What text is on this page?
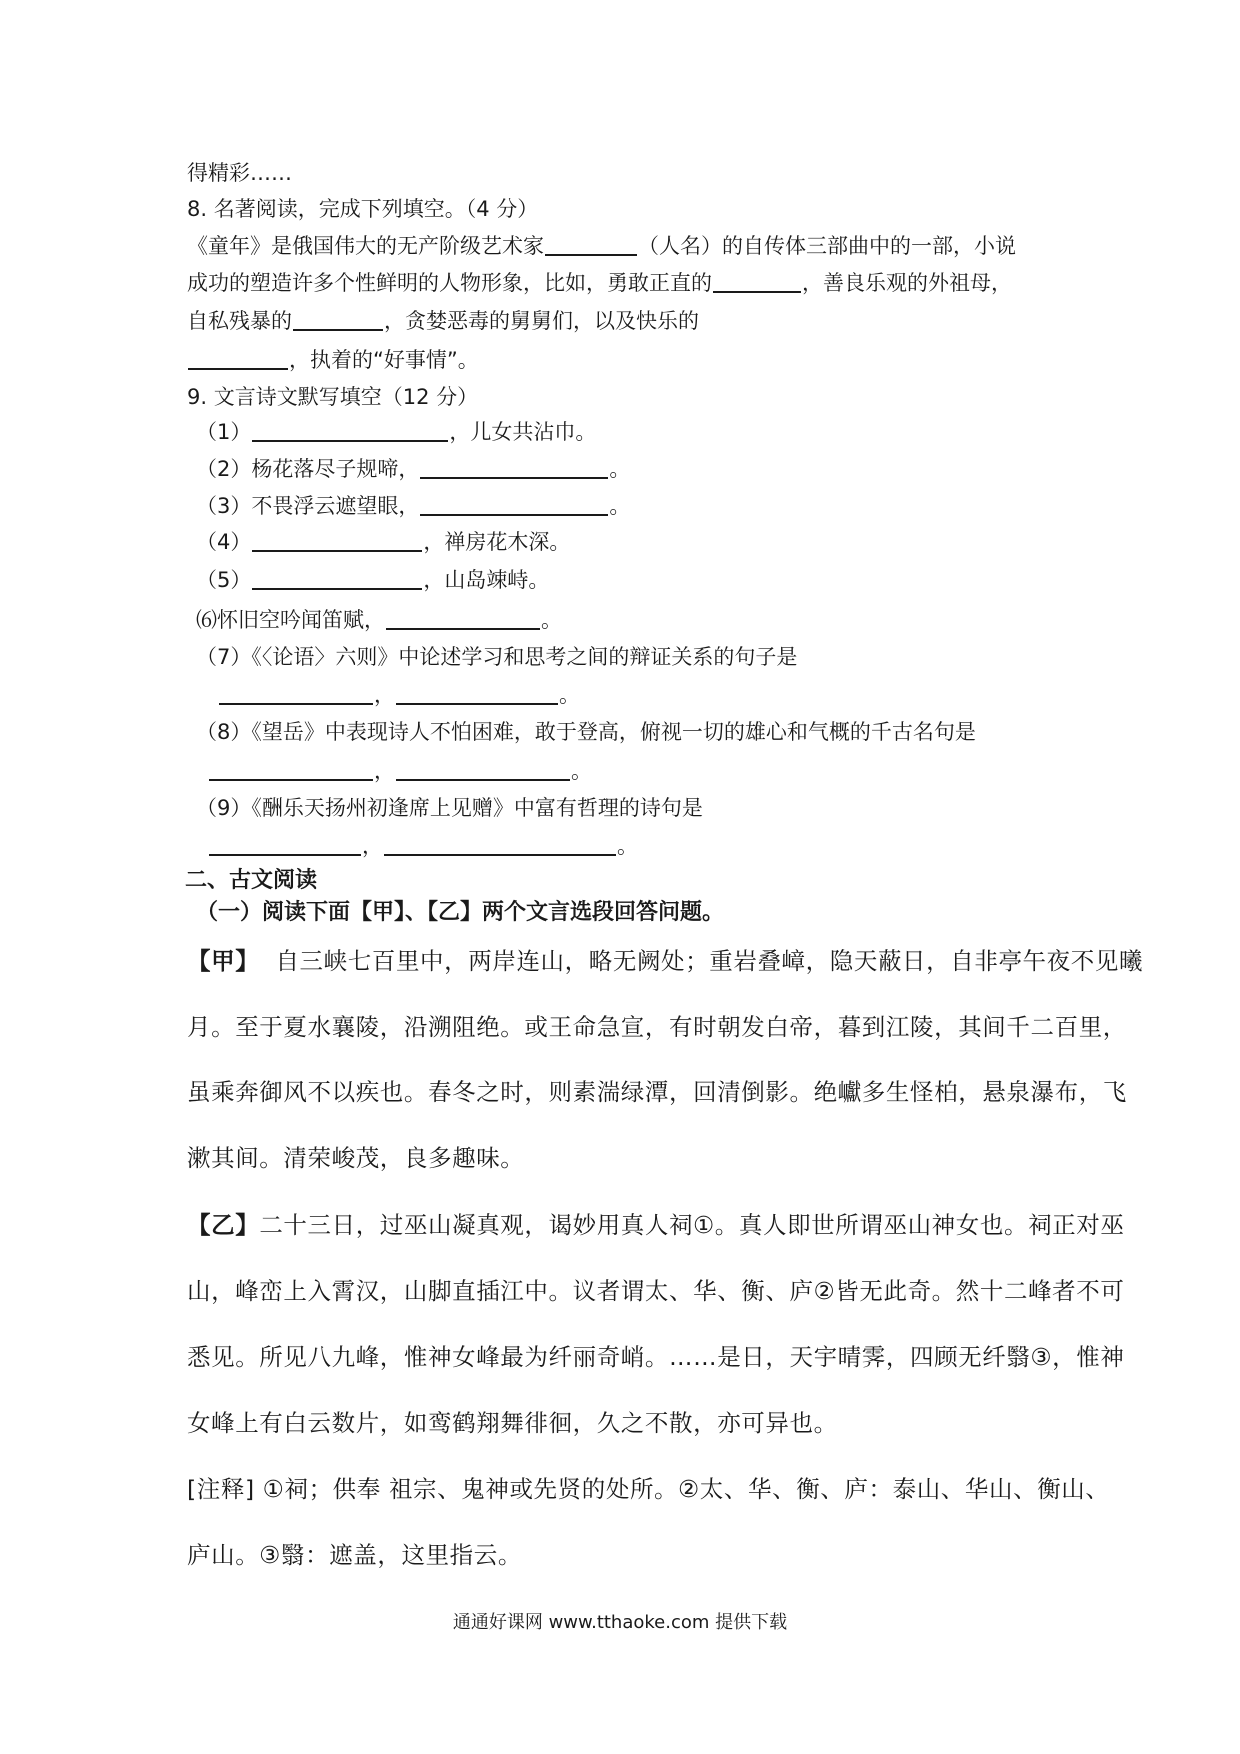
得精彩……
8. 名著阅读，完成下列填空。（4 分）
《童年》是俄国伟大的无产阶级艺术家	（人名）的自传体三部曲中的一部，小说
成功的塑造许多个性鲜明的人物形象，比如，勇敢正直的	，善良乐观的外祖母，
自私残暴的	，贪婪恶毒的舅舅们，以及快乐的
，执着的“好事情”。
9. 文言诗文默写填空（12 分）
（1）	，儿女共沾巾。
（2）杨花落尽子规啼，	。
（3）不畏浮云遮望眼，	。
（4）	，禅房花木深。
（5）	，山岛竦峙。
⑹怀旧空吟闻笛赋，	。
（7）《〈论语〉六则》中论述学习和思考之间的辩证关系的句子是
，	。
（8）《望岳》中表现诗人不怕困难，敢于登高，俯视一切的雄心和气概的千古名句是
，	。
（9）《酬乐天扬州初逢席上见赠》中富有哲理的诗句是
，	。
二、古文阅读
（一）阅读下面【甲】、【乙】两个文言选段回答问题。
【甲】 自三峡七百里中，两岸连山，略无阙处；重岩叠嶂，隐天蔽日，自非亭午夜不见曦
月。至于夏水襄陵，沿溯阻绝。或王命急宣，有时朝发白帝，暮到江陵，其间千二百里，
虽乘奔御风不以疾也。春冬之时，则素湍绿潭，回清倒影。绝巘多生怪柏，悬泉瀑布，飞
漱其间。清荣峻茂，良多趣味。
【乙】二十三日，过巫山凝真观，谒妙用真人祠①。真人即世所谓巫山神女也。祠正对巫
山，峰峦上入霄汉，山脚直插江中。议者谓太、华、衡、庐②皆无此奇。然十二峰者不可
悉见。所见八九峰，惟神女峰最为纤丽奇峭。……是日，天宇晴霁，四顾无纤翳③，惟神
女峰上有白云数片，如鸾鹤翔舞徘徊，久之不散，亦可异也。
[注释] ①祠；供奉 祖宗、鬼神或先贤的处所。②太、华、衡、庐：泰山、华山、衡山、
庐山。③翳：遮盖，这里指云。
通通好课网 www.tthaoke.com 提供下载
